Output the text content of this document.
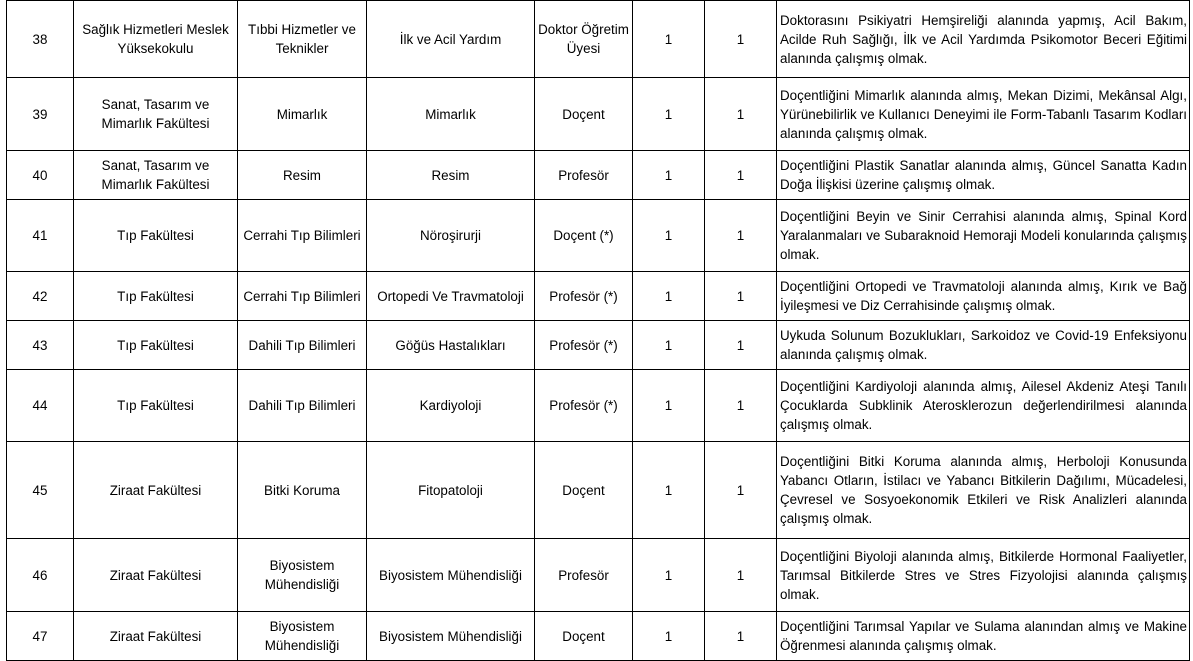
38	Sağlık Hizmetleri Meslek Yüksekokulu	Tıbbi Hizmetler ve Teknikler	İlk ve Acil Yardım	Doktor Öğretim Üyesi	1	1	Doktorasını Psikiyatri Hemşireliği alanında yapmış, Acil Bakım, Acilde Ruh Sağlığı, İlk ve Acil Yardımda Psikomotor Beceri Eğitimi alanında çalışmış olmak.
39	Sanat, Tasarım ve Mimarlık Fakültesi	Mimarlık	Mimarlık	Doçent	1	1	Doçentliğini Mimarlık alanında almış, Mekan Dizimi, Mekânsal Algı, Yürünebilirlik ve Kullanıcı Deneyimi ile Form-Tabanlı Tasarım Kodları alanında çalışmış olmak.
40	Sanat, Tasarım ve Mimarlık Fakültesi	Resim	Resim	Profesör	1	1	Doçentliğini Plastik Sanatlar alanında almış, Güncel Sanatta Kadın Doğa İlişkisi üzerine çalışmış olmak.
41	Tıp Fakültesi	Cerrahi Tıp Bilimleri	Nöroşirurji	Doçent (*)	1	1	Doçentliğini Beyin ve Sinir Cerrahisi alanında almış, Spinal Kord Yaralanmaları ve Subaraknoid Hemoraji Modeli konularında çalışmış olmak.
42	Tıp Fakültesi	Cerrahi Tıp Bilimleri	Ortopedi Ve Travmatoloji	Profesör (*)	1	1	Doçentliğini Ortopedi ve Travmatoloji alanında almış, Kırık ve Bağ İyileşmesi ve Diz Cerrahisinde çalışmış olmak.
43	Tıp Fakültesi	Dahili Tıp Bilimleri	Göğüs Hastalıkları	Profesör (*)	1	1	Uykuda Solunum Bozuklukları, Sarkoidoz ve Covid-19 Enfeksiyonu alanında çalışmış olmak.
44	Tıp Fakültesi	Dahili Tıp Bilimleri	Kardiyoloji	Profesör (*)	1	1	Doçentliğini Kardiyoloji alanında almış, Ailesel Akdeniz Ateşi Tanılı Çocuklarda Subklinik Aterosklerozun değerlendirilmesi alanında çalışmış olmak.
45	Ziraat Fakültesi	Bitki Koruma	Fitopatoloji	Doçent	1	1	Doçentliğini Bitki Koruma alanında almış, Herboloji Konusunda Yabancı Otların, İstilacı ve Yabancı Bitkilerin Dağılımı, Mücadelesi, Çevresel ve Sosyoekonomik Etkileri ve Risk Analizleri alanında çalışmış olmak.
46	Ziraat Fakültesi	Biyosistem Mühendisliği	Biyosistem Mühendisliği	Profesör	1	1	Doçentliğini Biyoloji alanında almış, Bitkilerde Hormonal Faaliyetler, Tarımsal Bitkilerde Stres ve Stres Fizyolojisi alanında çalışmış olmak.
47	Ziraat Fakültesi	Biyosistem Mühendisliği	Biyosistem Mühendisliği	Doçent	1	1	Doçentliğini Tarımsal Yapılar ve Sulama alanından almış ve Makine Öğrenmesi alanında çalışmış olmak.
